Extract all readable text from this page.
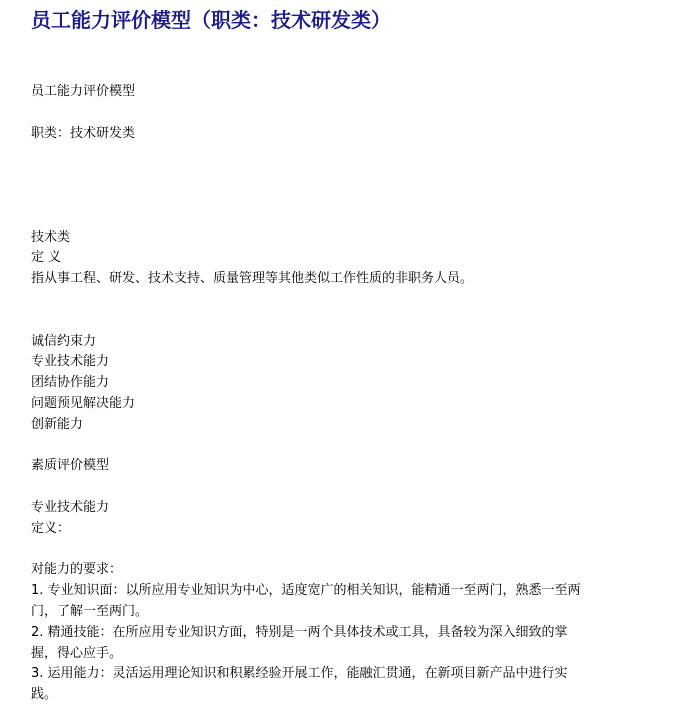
员工能力评价模型（职类：技术研发类）
员工能力评价模型
职类：技术研发类
技术类
定 义
指从事工程、研发、技术支持、质量管理等其他类似工作性质的非职务人员。
诚信约束力
专业技术能力
团结协作能力
问题预见解决能力
创新能力
素质评价模型
专业技术能力
定义：
对能力的要求：
1. 专业知识面：以所应用专业知识为中心，适度宽广的相关知识，能精通一至两门，熟悉一至两门，了解一至两门。
2. 精通技能：在所应用专业知识方面，特别是一两个具体技术或工具，具备较为深入细致的掌握，得心应手。
3. 运用能力：灵活运用理论知识和积累经验开展工作，能融汇贯通，在新项目新产品中进行实践。
